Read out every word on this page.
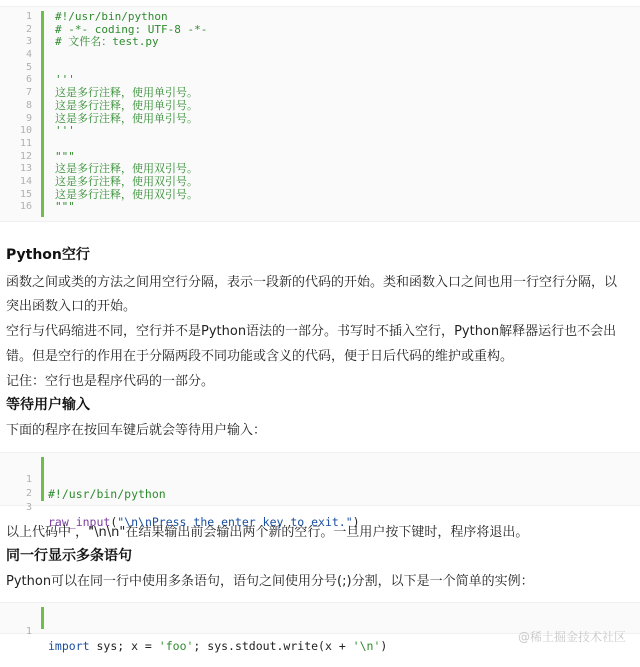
1 #!/usr/bin/python
2 # -*- coding: UTF-8 -*-
3 # 文件名：test.py
4
5
6 '''
7 这是多行注释，使用单引号。
8 这是多行注释，使用单引号。
9 这是多行注释，使用单引号。
10 '''
11
12 """
13 这是多行注释，使用双引号。
14 这是多行注释，使用双引号。
15 这是多行注释，使用双引号。
16 """
Python空行
函数之间或类的方法之间用空行分隔，表示一段新的代码的开始。类和函数入口之间也用一行空行分隔，以
突出函数入口的开始。
空行与代码缩进不同，空行并不是Python语法的一部分。书写时不插入空行，Python解释器运行也不会出
错。但是空行的作用在于分隔两段不同功能或含义的代码，便于日后代码的维护或重构。
记住：空行也是程序代码的一部分。
等待用户输入
下面的程序在按回车键后就会等待用户输入：

1

#!/usr/bin/python

2

3

raw_input("\n\nPress the enter key to exit.")

以上代码中 ，"\n\n"在结果输出前会输出两个新的空行。一旦用户按下键时，程序将退出。
同一行显示多条语句
Python可以在同一行中使用多条语句，语句之间使用分号(;)分割，以下是一个简单的实例：

1

import sys; x = 'foo'; sys.stdout.write(x + '\n')

@稀土掘金技术社区
